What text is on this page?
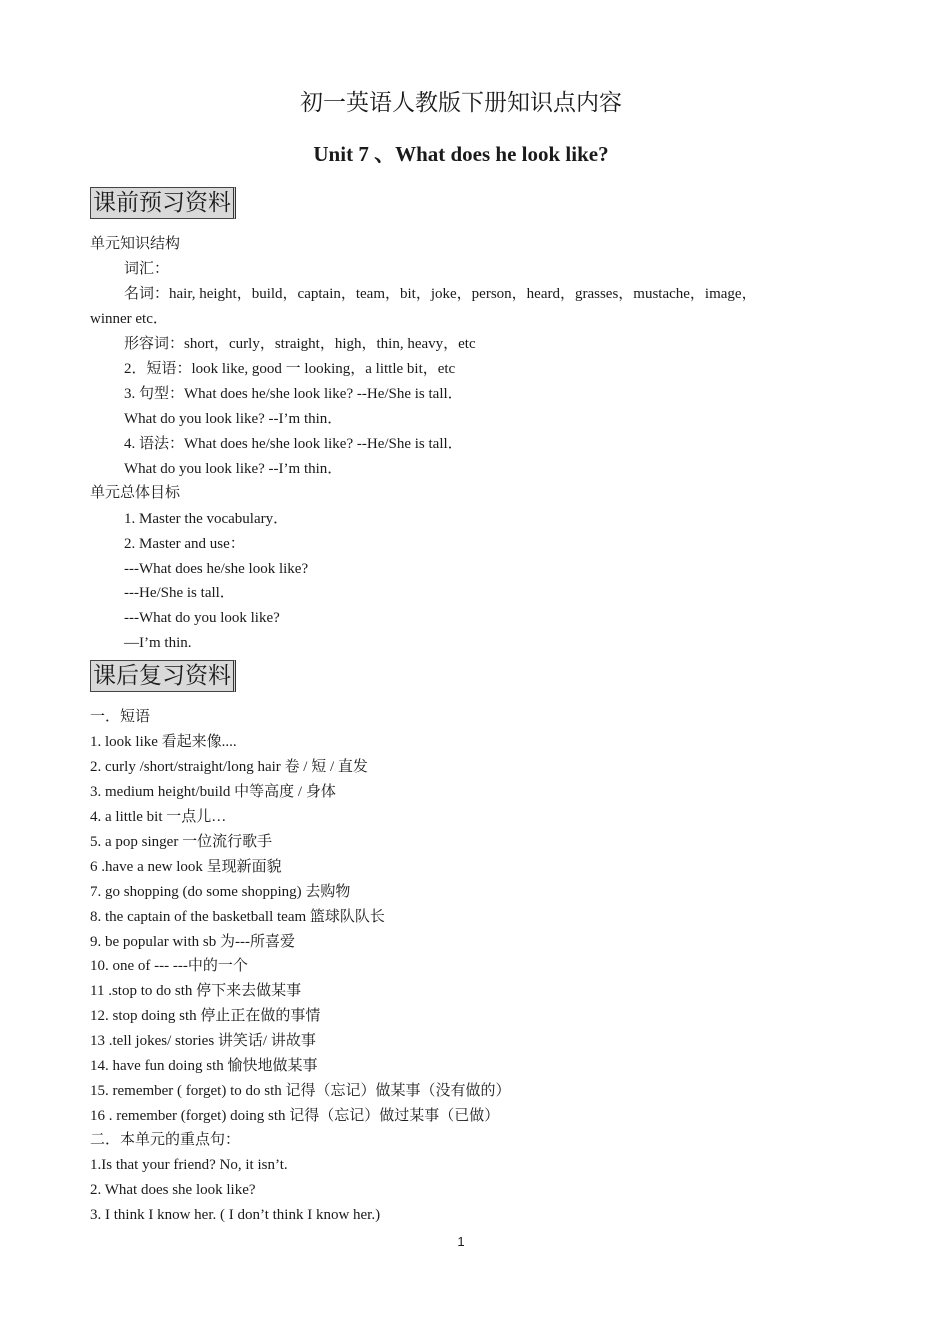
初一英语人教版下册知识点内容
Unit 7 、What does he look like?
课前预习资料
单元知识结构
词汇：
名词：hair, height，build，captain，team，bit，joke，person，heard，grasses，mustache，image，
winner etc．
形容词：short，curly，straight，high，thin, heavy，etc
2．短语：look like, good 一 looking，a little bit，etc
3. 句型：What does he/she look like? --He/She is tall．
What do you look like? --I’m thin．
4. 语法：What does he/she look like? --He/She is tall．
What do you look like? --I’m thin．
单元总体目标
1. Master the vocabulary．
2. Master and use：
---What does he/she look like?
---He/She is tall．
---What do you look like?
—I’m thin.
课后复习资料
一．短语
1. look like 看起来像....
2. curly /short/straight/long hair 卷 / 短 / 直发
3. medium height/build 中等高度 / 身体
4. a little bit 一点儿…
5. a pop singer 一位流行歌手
6 .have a new look 呈现新面貌
7. go shopping (do some shopping) 去购物
8. the captain of the basketball team 篮球队队长
9. be popular with sb 为---所喜爱
10. one of --- ---中的一个
11 .stop to do sth 停下来去做某事
12. stop doing sth 停止正在做的事情
13 .tell jokes/ stories 讲笑话/ 讲故事
14. have fun doing sth 愉快地做某事
15. remember ( forget) to do sth 记得（忘记）做某事（没有做的）
16 . remember (forget) doing sth 记得（忘记）做过某事（已做）
二．本单元的重点句：
1.Is that your friend? No, it isn’t.
2. What does she look like?
3. I think I know her. ( I don’t think I know her.)
1
